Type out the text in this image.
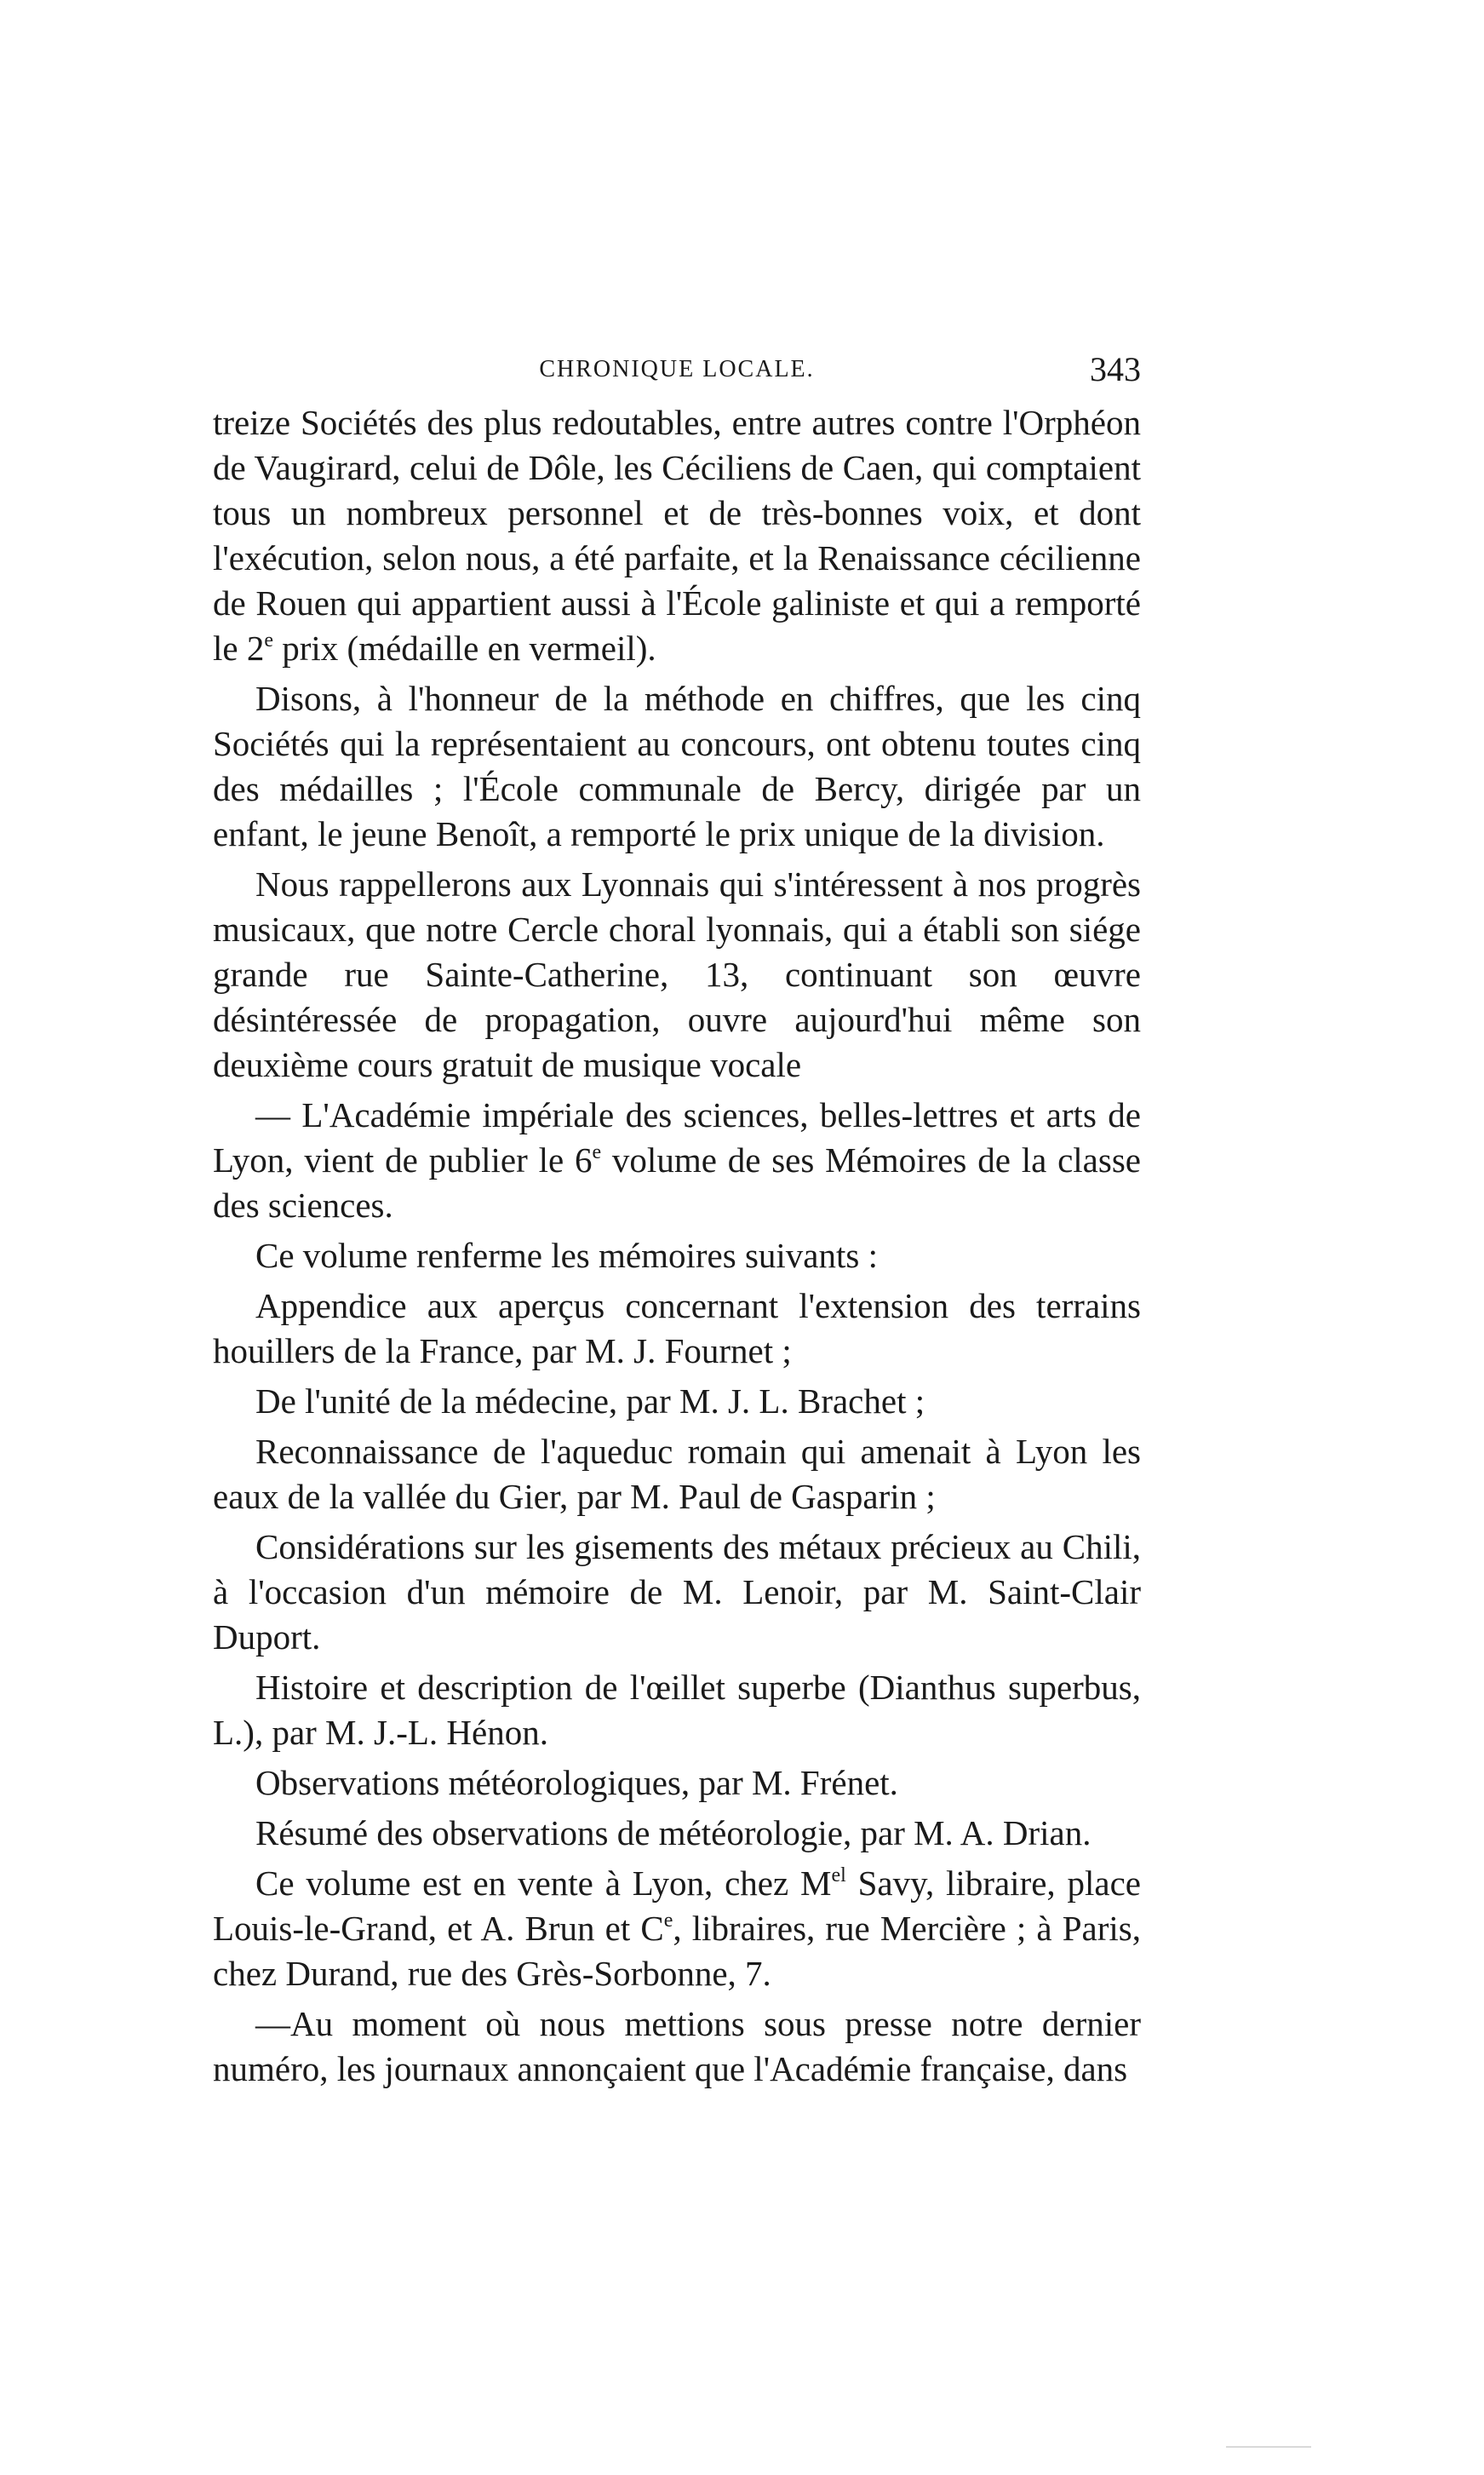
CHRONIQUE LOCALE.	343

treize Sociétés des plus redoutables, entre autres contre l'Orphéon de Vaugirard, celui de Dôle, les Céciliens de Caen, qui comptaient tous un nombreux personnel et de très-bonnes voix, et dont l'exécution, selon nous, a été parfaite, et la Renaissance cécilienne de Rouen qui appartient aussi à l'École galiniste et qui a remporté le 2e prix (médaille en vermeil).

Disons, à l'honneur de la méthode en chiffres, que les cinq Sociétés qui la représentaient au concours, ont obtenu toutes cinq des médailles ; l'École communale de Bercy, dirigée par un enfant, le jeune Benoît, a remporté le prix unique de la division.

Nous rappellerons aux Lyonnais qui s'intéressent à nos progrès musicaux, que notre Cercle choral lyonnais, qui a établi son siége grande rue Sainte-Catherine, 13, continuant son œuvre désintéressée de propagation, ouvre aujourd'hui même son deuxième cours gratuit de musique vocale

— L'Académie impériale des sciences, belles-lettres et arts de Lyon, vient de publier le 6e volume de ses Mémoires de la classe des sciences.

Ce volume renferme les mémoires suivants :

Appendice aux aperçus concernant l'extension des terrains houillers de la France, par M. J. Fournet ;

De l'unité de la médecine, par M. J. L. Brachet ;

Reconnaissance de l'aqueduc romain qui amenait à Lyon les eaux de la vallée du Gier, par M. Paul de Gasparin ;

Considérations sur les gisements des métaux précieux au Chili, à l'occasion d'un mémoire de M. Lenoir, par M. Saint-Clair Duport.

Histoire et description de l'œillet superbe (Dianthus superbus, L.), par M. J.-L. Hénon.

Observations météorologiques, par M. Frénet.

Résumé des observations de météorologie, par M. A. Drian.

Ce volume est en vente à Lyon, chez $M^{el}$ Savy, libraire, place Louis-le-Grand, et A. Brun et Ce, libraires, rue Mercière ; à Paris, chez Durand, rue des Grès-Sorbonne, 7.

—Au moment où nous mettions sous presse notre dernier numéro, les journaux annonçaient que l'Académie française, dans
